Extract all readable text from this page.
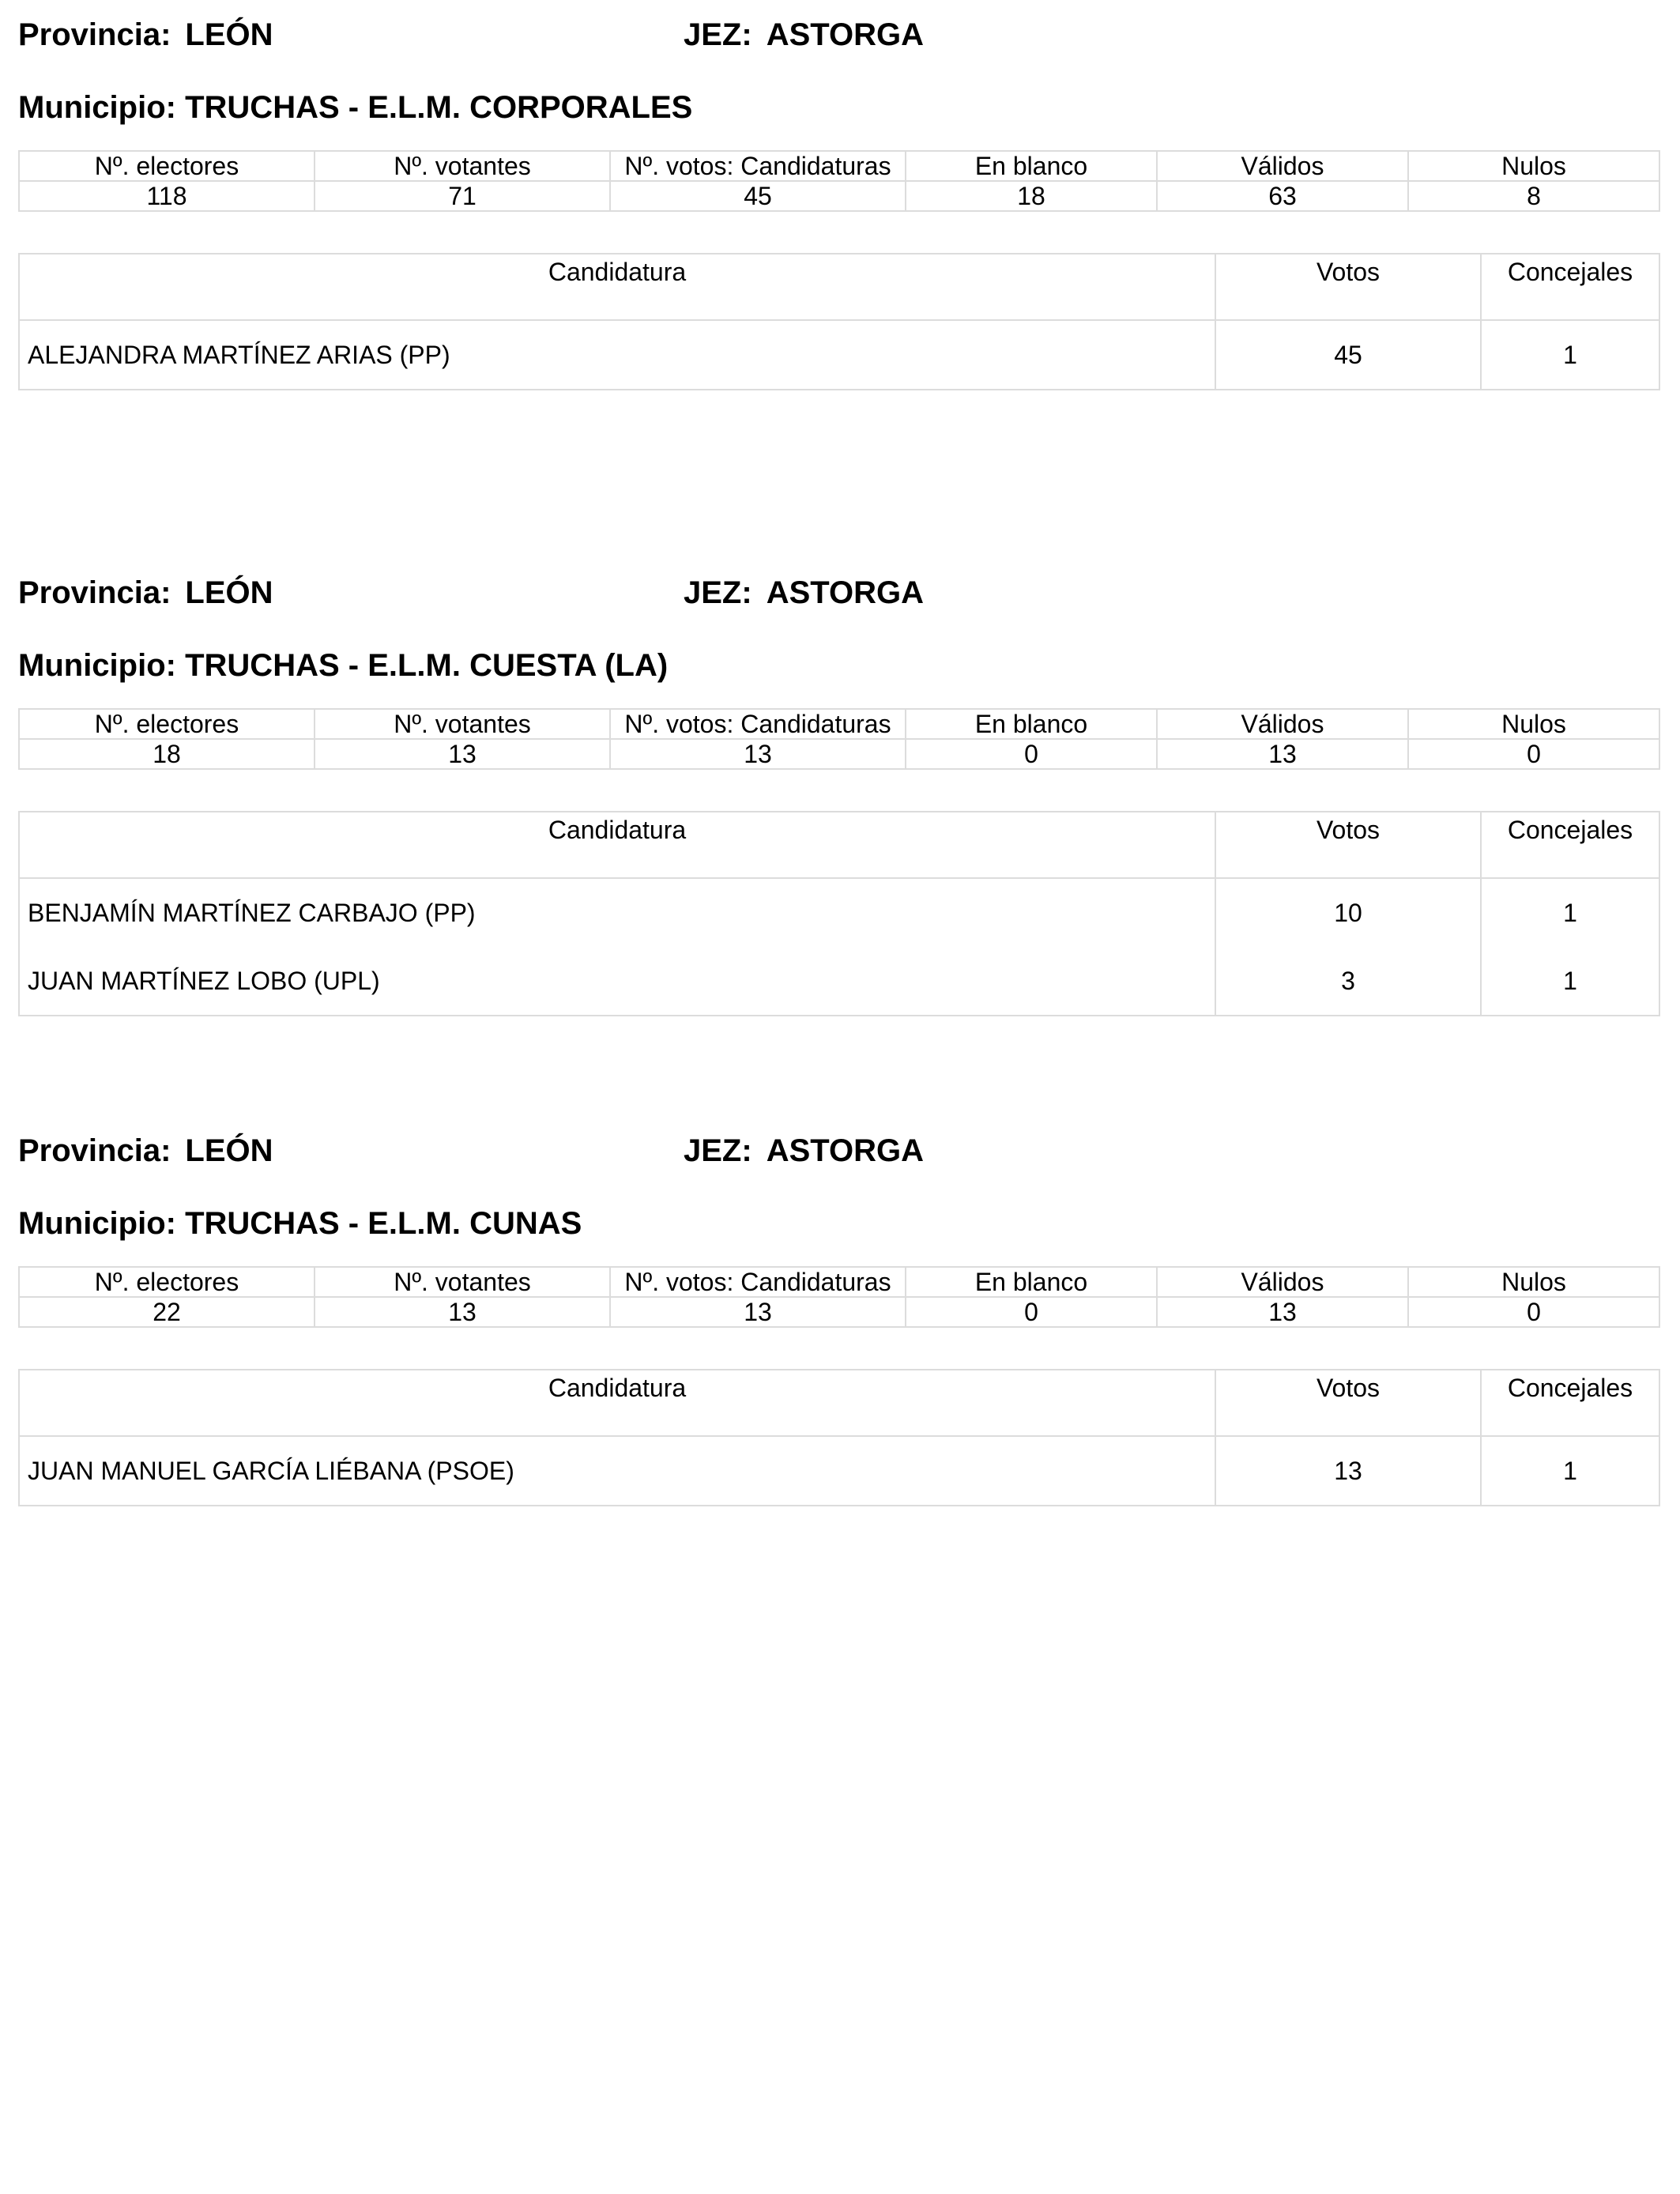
Provincia: LEÓN	JEZ: ASTORGA
Municipio: TRUCHAS - E.L.M. CORPORALES
Nº. electores	Nº. votantes	Nº. votos: Candidaturas	En blanco	Válidos	Nulos
118	71	45	18	63	8
Candidatura	Votos	Concejales
ALEJANDRA MARTÍNEZ ARIAS (PP)	45	1
Provincia: LEÓN	JEZ: ASTORGA
Municipio: TRUCHAS - E.L.M. CUESTA (LA)
Nº. electores	Nº. votantes	Nº. votos: Candidaturas	En blanco	Válidos	Nulos
18	13	13	0	13	0
Candidatura	Votos	Concejales
BENJAMÍN MARTÍNEZ CARBAJO (PP)	10	1
JUAN MARTÍNEZ LOBO (UPL)	3	1
Provincia: LEÓN	JEZ: ASTORGA
Municipio: TRUCHAS - E.L.M. CUNAS
Nº. electores	Nº. votantes	Nº. votos: Candidaturas	En blanco	Válidos	Nulos
22	13	13	0	13	0
Candidatura	Votos	Concejales
JUAN MANUEL GARCÍA LIÉBANA (PSOE)	13	1
